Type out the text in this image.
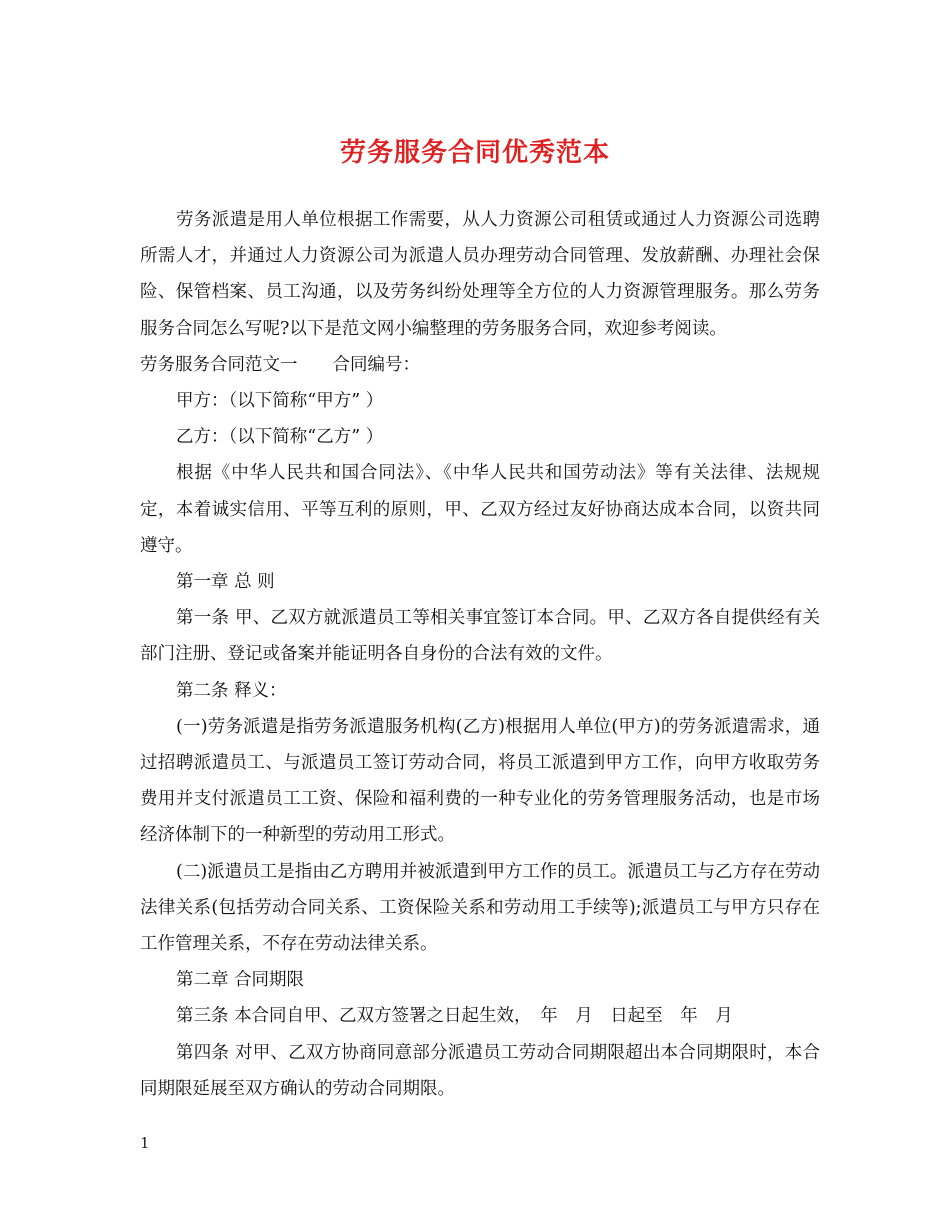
劳务服务合同优秀范本

劳务派遣是用人单位根据工作需要，从人力资源公司租赁或通过人力资源公司选聘所需人才，并通过人力资源公司为派遣人员办理劳动合同管理、发放薪酬、办理社会保险、保管档案、员工沟通，以及劳务纠纷处理等全方位的人力资源管理服务。那么劳务服务合同怎么写呢?以下是范文网小编整理的劳务服务合同，欢迎参考阅读。

劳务服务合同范文一　　合同编号：

甲方：（以下简称“甲方” ）

乙方：（以下简称“乙方” ）

根据《中华人民共和国合同法》、《中华人民共和国劳动法》等有关法律、法规规定，本着诚实信用、平等互利的原则，甲、乙双方经过友好协商达成本合同，以资共同遵守。

第一章 总 则

第一条 甲、乙双方就派遣员工等相关事宜签订本合同。甲、乙双方各自提供经有关部门注册、登记或备案并能证明各自身份的合法有效的文件。

第二条 释义：

(一)劳务派遣是指劳务派遣服务机构(乙方)根据用人单位(甲方)的劳务派遣需求，通过招聘派遣员工、与派遣员工签订劳动合同，将员工派遣到甲方工作，向甲方收取劳务费用并支付派遣员工工资、保险和福利费的一种专业化的劳务管理服务活动，也是市场经济体制下的一种新型的劳动用工形式。

(二)派遣员工是指由乙方聘用并被派遣到甲方工作的员工。派遣员工与乙方存在劳动法律关系(包括劳动合同关系、工资保险关系和劳动用工手续等);派遣员工与甲方只存在工作管理关系，不存在劳动法律关系。

第二章 合同期限

第三条 本合同自甲、乙双方签署之日起生效，　年　月　日起至　年　月

第四条 对甲、乙双方协商同意部分派遣员工劳动合同期限超出本合同期限时，本合同期限延展至双方确认的劳动合同期限。

1
